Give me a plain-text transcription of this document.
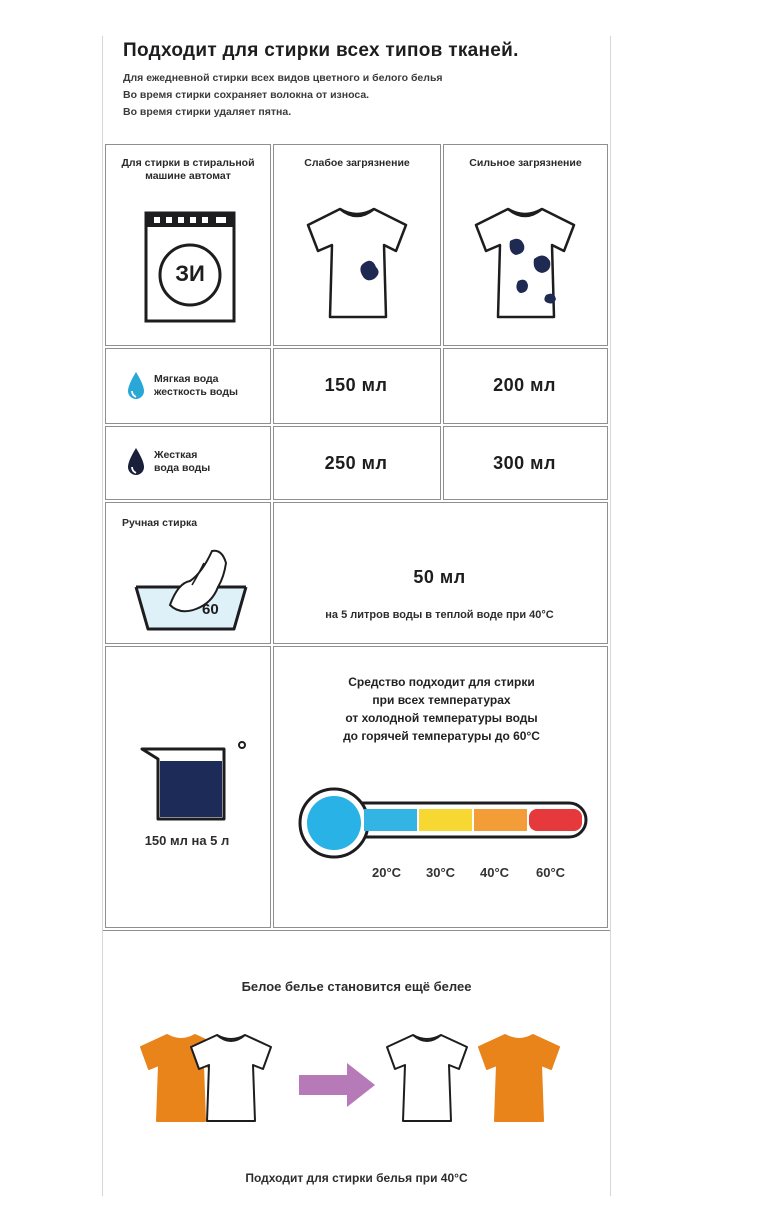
Подходит для стирки всех типов тканей.
Для ежедневной стирки всех видов цветного и белого белья
Во время стирки сохраняет волокна от износа.
Во время стирки удаляет пятна.
Для стирки в стиральной машине автомат
ЗИ
Слабое загрязнение	Сильное загрязнение
Мягкая вода
жесткость воды	150 мл	200 мл
Жесткая
вода воды	250 мл	300 мл
Ручная стирка
60
50 мл
на 5 литров воды в теплой воде при 40°С
150 мл на 5 л
Средство подходит для стирки
при всех температурах
от холодной температуры воды
до горячей температуры до 60°С
20°С 30°С 40°С 60°С
Белое белье становится ещё белее
Подходит для стирки белья при 40°С
